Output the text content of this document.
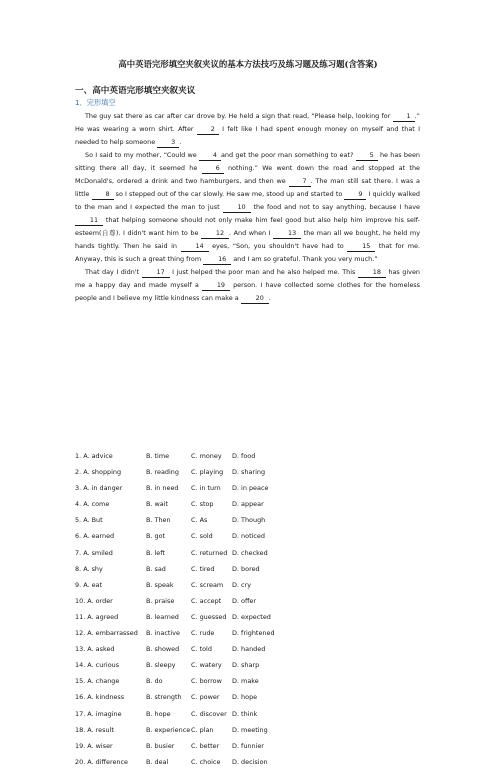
高中英语完形填空夹叙夹议的基本方法技巧及练习题及练习题(含答案)
一、高中英语完形填空夹叙夹议
1．完形填空

The guy sat there as car after car drove by. He held a sign that read, “Please help, looking for 1 .” He was wearing a worn shirt. After 2 I felt like I had spent enough money on myself and that I needed to help someone 3 .

So I said to my mother, “Could we 4 and get the poor man something to eat? 5 he has been sitting there all day, it seemed he 6 nothing.” We went down the road and stopped at the McDonald's, ordered a drink and two hamburgers, and then we 7 . The man still sat there. I was a little 8 so I stepped out of the car slowly. He saw me, stood up and started to 9 I quickly walked to the man and I expected the man to just 10 the food and not to say anything, because I have 11 that helping someone should not only make him feel good but also help him improve his self-esteem(自尊). I didn't want him to be 12 . And when I 13 the man all we bought, he held my hands tightly. Then he said in 14 eyes, “Son, you shouldn't have had to 15 that for me. Anyway, this is such a great thing from 16 and I am so grateful. Thank you very much.”

That day I didn't 17 I just helped the poor man and he also helped me. This 18 has given me a happy day and made myself a 19 person. I have collected some clothes for the homeless people and I believe my little kindness can make a 20 .

1. A. advice	B. time	C. money D. food
2. A. shopping	B. reading C. playing D. sharing
3. A. in danger	B. in need C. in turn D. in peace
4. A. come	B. wait	C. stop	D. appear
5. A. But	B. Then	C. As	D. Though
6. A. earned	B. got	C. sold	D. noticed
7. A. smiled	B. left	C. returned D. checked
8. A. shy	B. sad	C. tired	D. bored
9. A. eat	B. speak	C. scream D. cry
10. A. order	B. praise	C. accept D. offer
11. A. agreed	B. learned C. guessed D. expected
12. A. embarrassed B. inactive C. rude	D. frightened
13. A. asked	B. showed C. told	D. handed
14. A. curious	B. sleepy C. watery D. sharp
15. A. change	B. do	C. borrow D. make
16. A. kindness	B. strength C. power D. hope
17. A. imagine	B. hope	C. discover D. think
18. A. result	B. experience C. plan	D. meeting
19. A. wiser	B. busier	C. better D. funnier
20. A. difference	B. deal	C. choice D. decision
